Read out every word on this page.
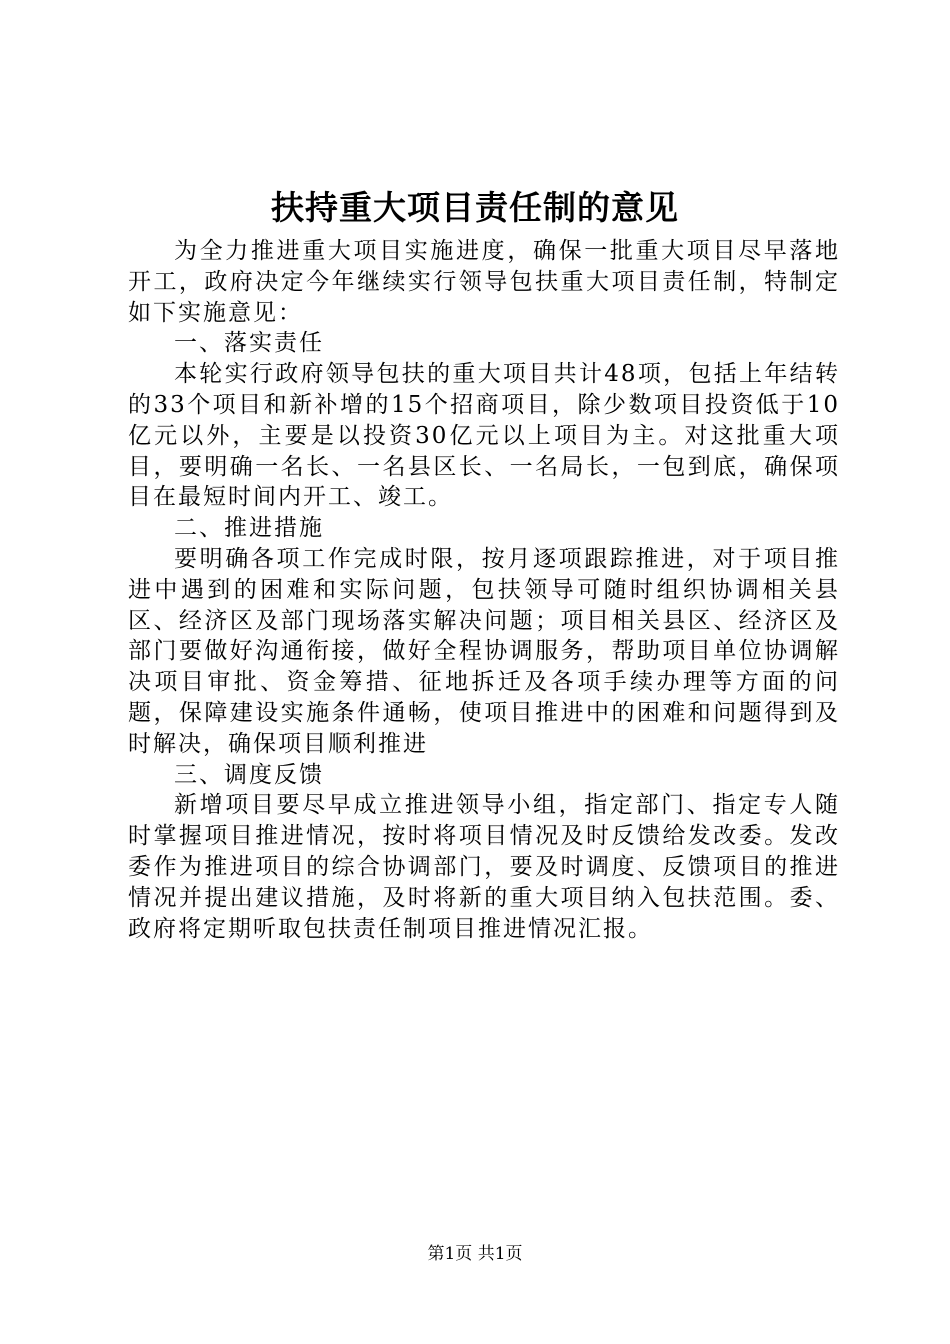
扶持重大项目责任制的意见

为全力推进重大项目实施进度，确保一批重大项目尽早落地开工，政府决定今年继续实行领导包扶重大项目责任制，特制定如下实施意见：

一、落实责任

本轮实行政府领导包扶的重大项目共计48项，包括上年结转的33个项目和新补增的15个招商项目，除少数项目投资低于10亿元以外，主要是以投资30亿元以上项目为主。对这批重大项目，要明确一名长、一名县区长、一名局长，一包到底，确保项目在最短时间内开工、竣工。

二、推进措施

要明确各项工作完成时限，按月逐项跟踪推进，对于项目推进中遇到的困难和实际问题，包扶领导可随时组织协调相关县区、经济区及部门现场落实解决问题；项目相关县区、经济区及部门要做好沟通衔接，做好全程协调服务，帮助项目单位协调解决项目审批、资金筹措、征地拆迁及各项手续办理等方面的问题，保障建设实施条件通畅，使项目推进中的困难和问题得到及时解决，确保项目顺利推进

三、调度反馈

新增项目要尽早成立推进领导小组，指定部门、指定专人随时掌握项目推进情况，按时将项目情况及时反馈给发改委。发改委作为推进项目的综合协调部门，要及时调度、反馈项目的推进情况并提出建议措施，及时将新的重大项目纳入包扶范围。委、政府将定期听取包扶责任制项目推进情况汇报。

第1页 共1页
